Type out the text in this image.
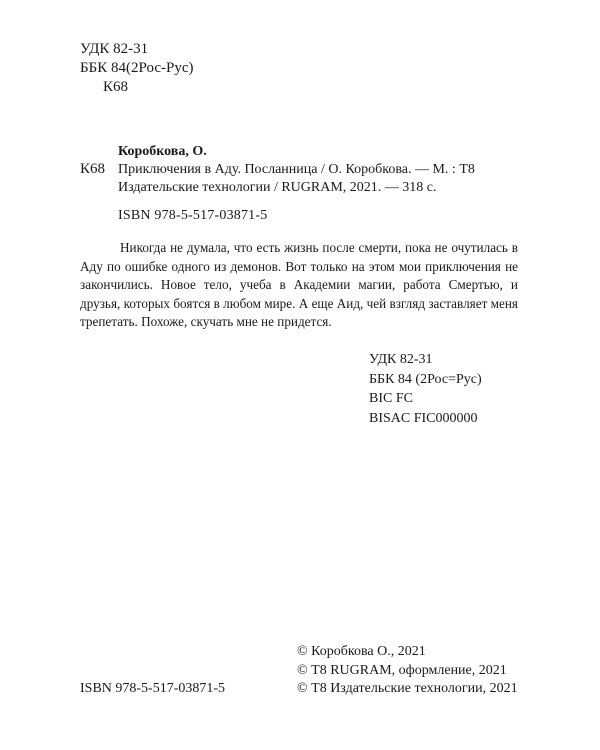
УДК 82-31
ББК 84(2Рос-Рус)
К68
Коробкова, О.
К68 Приключения в Аду. Посланница / О. Коробкова. — М. : Т8
Издательские технологии / RUGRAM, 2021. — 318 с.
ISBN 978-5-517-03871-5
Никогда не думала, что есть жизнь после смерти, пока не очутилась в Аду по ошибке одного из демонов. Вот только на этом мои приключения не закончились. Новое тело, учеба в Академии магии, работа Смертью, и друзья, которых боятся в любом мире. А еще Аид, чей взгляд заставляет меня трепетать. Похоже, скучать мне не придется.
УДК 82-31
ББК 84 (2Рос=Рус)
BIC FC
BISAC FIC000000
ISBN 978-5-517-03871-5
© Коробкова О., 2021
© Т8 RUGRAM, оформление, 2021
© Т8 Издательские технологии, 2021
